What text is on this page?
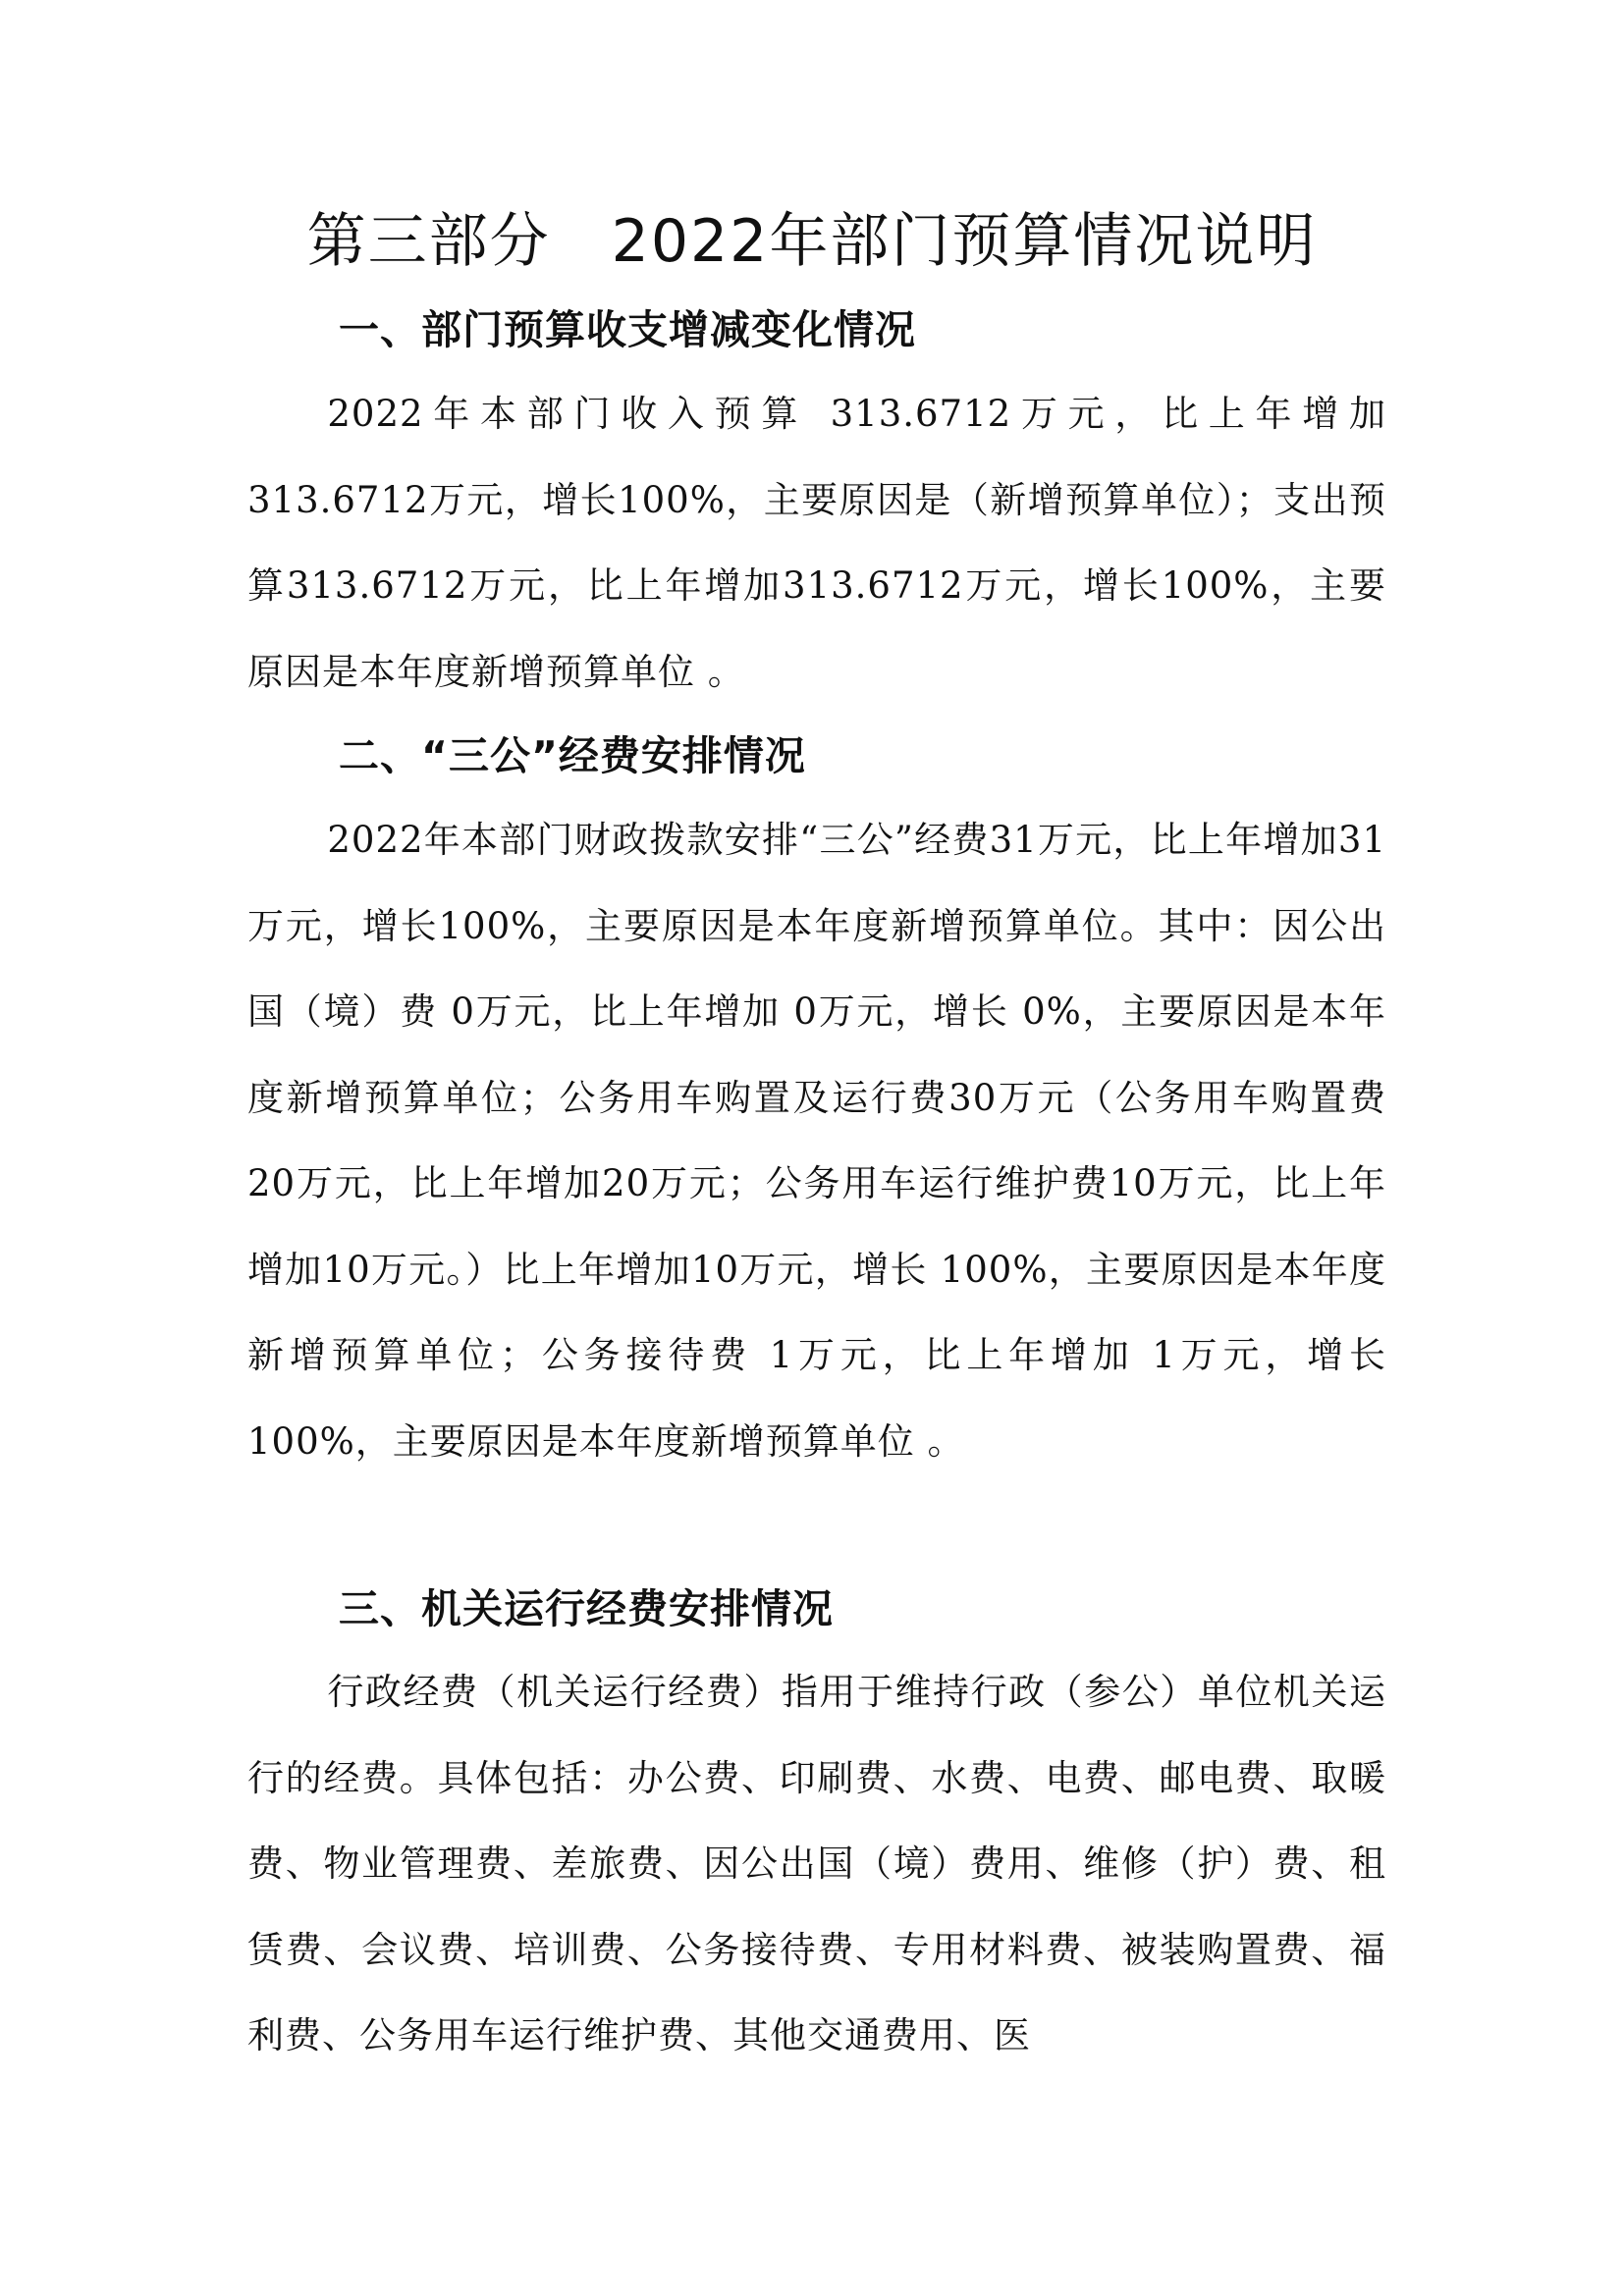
第三部分　2022年部门预算情况说明
一、部门预算收支增减变化情况

2022年本部门收入预算 313.6712万元，比上年增加 313.6712万元，增长100%，主要原因是（新增预算单位）；支出预算313.6712万元，比上年增加313.6712万元，增长100%，主要原因是本年度新增预算单位 。

二、“三公”经费安排情况

2022年本部门财政拨款安排“三公”经费31万元，比上年增加31万元，增长100%，主要原因是本年度新增预算单位。其中：因公出国（境）费 0万元，比上年增加 0万元，增长 0%，主要原因是本年度新增预算单位；公务用车购置及运行费30万元（公务用车购置费20万元，比上年增加20万元；公务用车运行维护费10万元，比上年增加10万元。）比上年增加10万元，增长 100%，主要原因是本年度新增预算单位；公务接待费 1万元，比上年增加 1万元，增长 100%，主要原因是本年度新增预算单位 。

三、机关运行经费安排情况

行政经费（机关运行经费）指用于维持行政（参公）单位机关运行的经费。具体包括：办公费、印刷费、水费、电费、邮电费、取暖费、物业管理费、差旅费、因公出国（境）费用、维修（护）费、租赁费、会议费、培训费、公务接待费、专用材料费、被装购置费、福利费、公务用车运行维护费、其他交通费用、医
